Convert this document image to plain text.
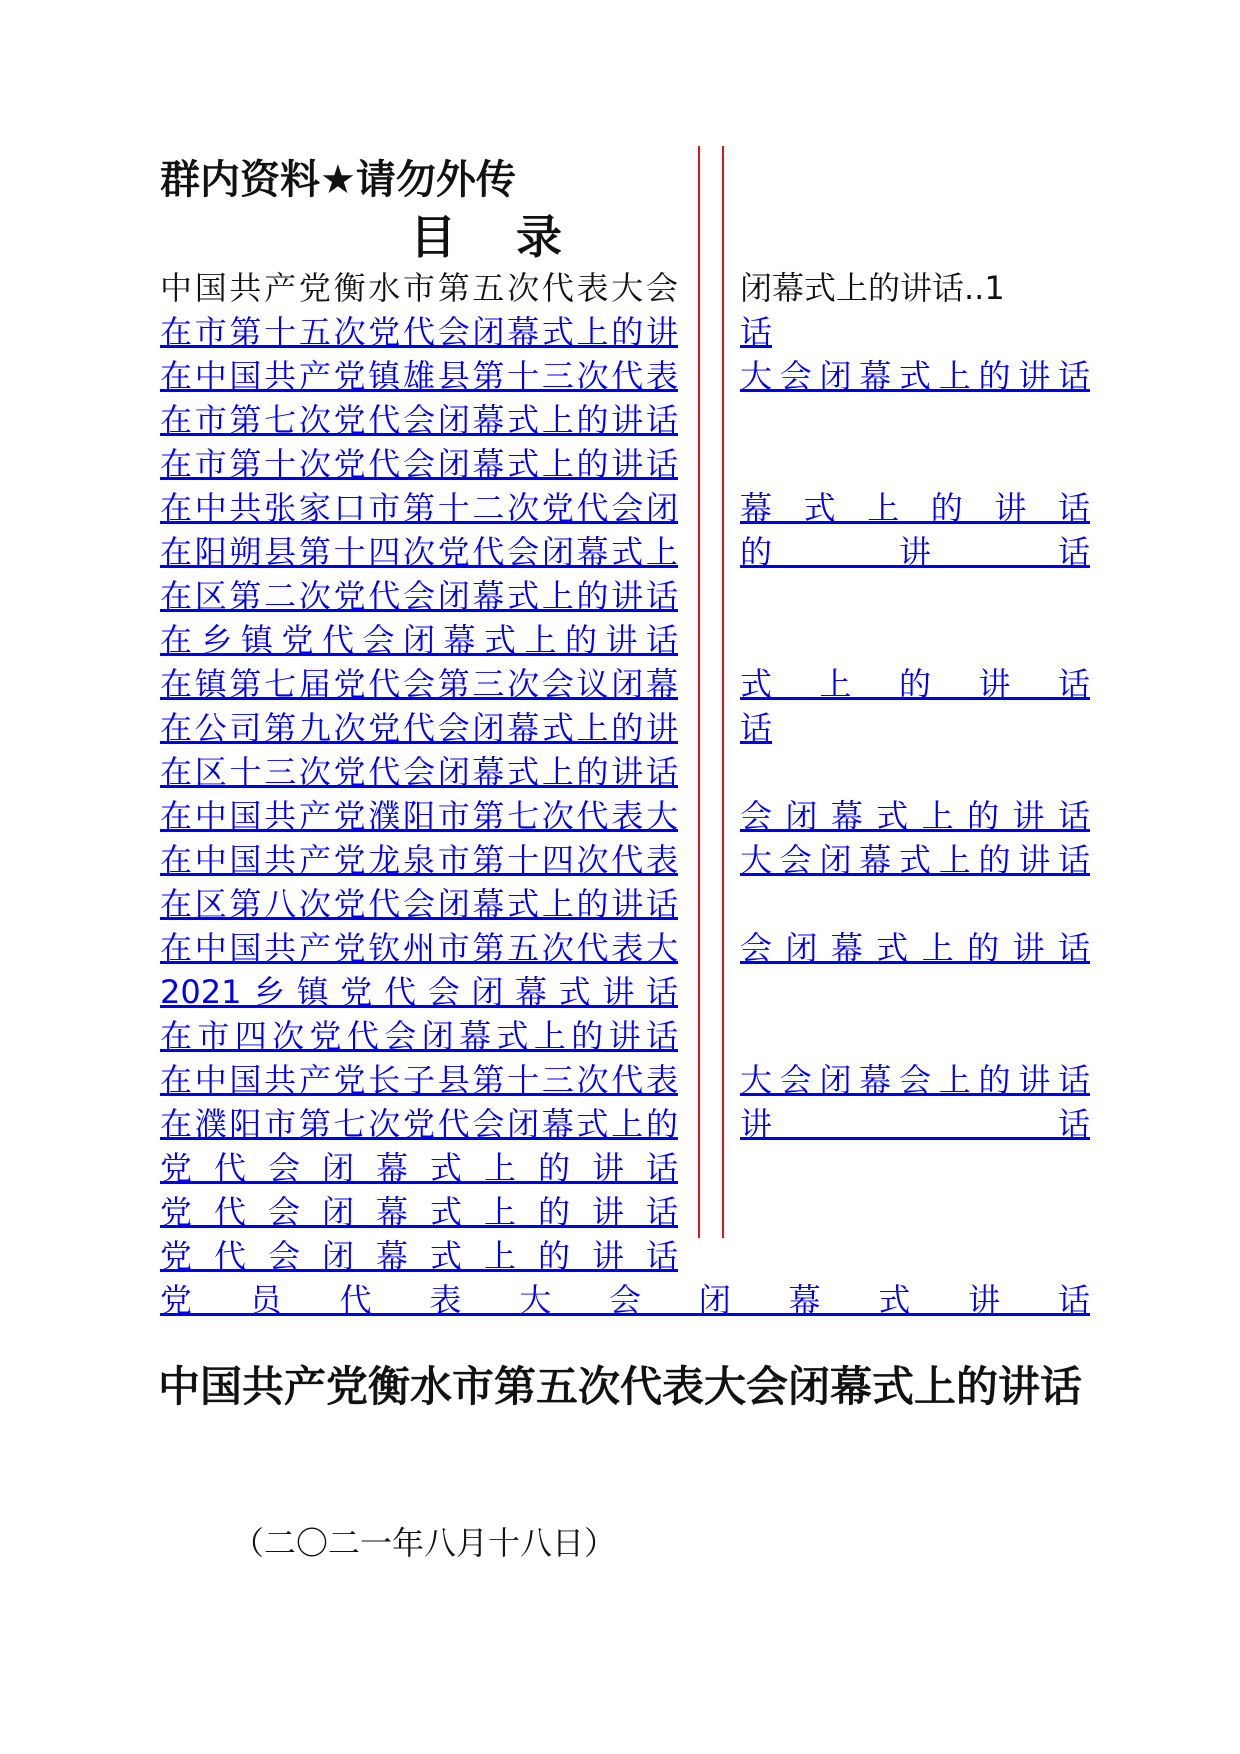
群内资料★请勿外传
目 录
中国共产党衡水市第五次代表大会
在市第十五次党代会闭幕式上的讲
在中国共产党镇雄县第十三次代表
在市第七次党代会闭幕式上的讲话
在市第十次党代会闭幕式上的讲话
在中共张家口市第十二次党代会闭
在阳朔县第十四次党代会闭幕式上
在区第二次党代会闭幕式上的讲话
在乡镇党代会闭幕式上的讲话
在镇第七届党代会第三次会议闭幕
在公司第九次党代会闭幕式上的讲
在区十三次党代会闭幕式上的讲话
在中国共产党濮阳市第七次代表大
在中国共产党龙泉市第十四次代表
在区第八次党代会闭幕式上的讲话
在中国共产党钦州市第五次代表大
2021乡镇党代会闭幕式讲话
在市四次党代会闭幕式上的讲话
在中国共产党长子县第十三次代表
在濮阳市第七次党代会闭幕式上的
党代会闭幕式上的讲话
党代会闭幕式上的讲话
党代会闭幕式上的讲话
闭幕式上的讲话..1
话
大会闭幕式上的讲话
幕式上的讲话
的讲话
式上的讲话
话
会闭幕式上的讲话
大会闭幕式上的讲话
会闭幕式上的讲话
大会闭幕会上的讲话
讲话
党员代表大会闭幕式讲话
中国共产党衡水市第五次代表大会闭幕式上的讲话
（二〇二一年八月十八日）
